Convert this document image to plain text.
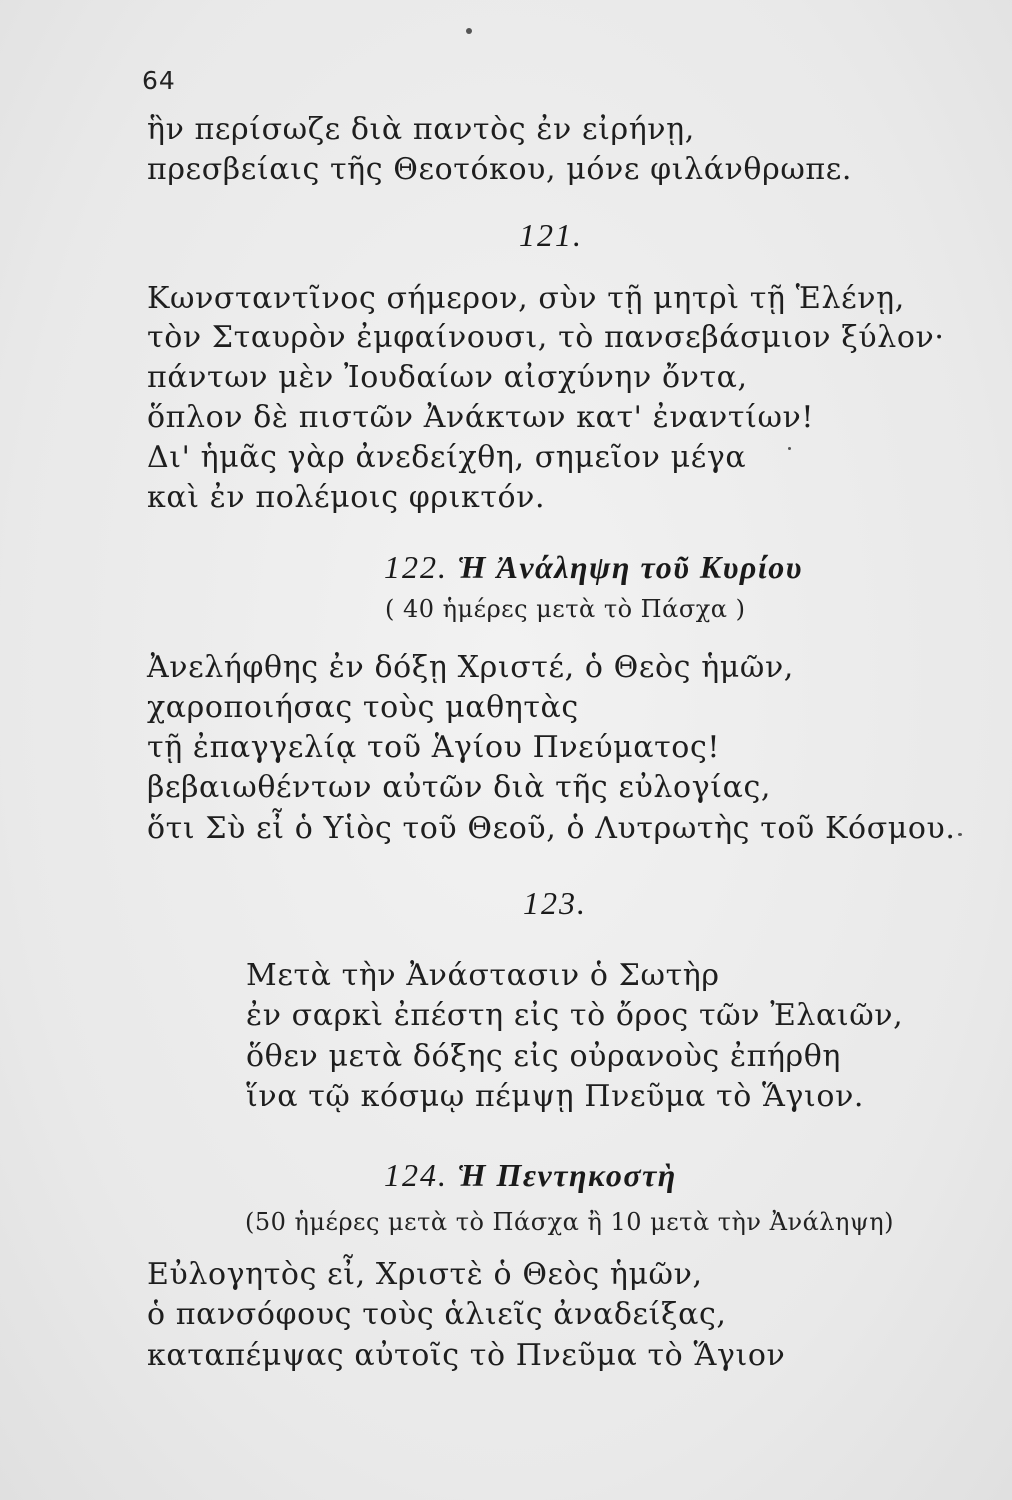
64
ἣν περίσωζε διὰ παντὸς ἐν εἰρήνῃ,
πρεσβείαις τῆς Θεοτόκου, μόνε φιλάνθρωπε.
121.
Κωνσταντῖνος σήμερον, σὺν τῇ μητρὶ τῇ Ἑλένῃ,
τὸν Σταυρὸν ἐμφαίνουσι, τὸ πανσεβάσμιον ξύλον·
πάντων μὲν Ἰουδαίων αἰσχύνην ὄντα,
ὅπλον δὲ πιστῶν Ἀνάκτων κατ' ἐναντίων!
Δι' ἡμᾶς γὰρ ἀνεδείχθη, σημεῖον μέγα
καὶ ἐν πολέμοις φρικτόν.
122. Ἡ Ἀνάληψη τοῦ Κυρίου
( 40 ἡμέρες μετὰ τὸ Πάσχα )
Ἀνελήφθης ἐν δόξῃ Χριστέ, ὁ Θεὸς ἡμῶν,
χαροποιήσας τοὺς μαθητὰς
τῇ ἐπαγγελίᾳ τοῦ Ἁγίου Πνεύματος!
βεβαιωθέντων αὐτῶν διὰ τῆς εὐλογίας,
ὅτι Σὺ εἶ ὁ Υἱὸς τοῦ Θεοῦ, ὁ Λυτρωτὴς τοῦ Κόσμου.
123.
Μετὰ τὴν Ἀνάστασιν ὁ Σωτὴρ
ἐν σαρκὶ ἐπέστη εἰς τὸ ὄρος τῶν Ἐλαιῶν,
ὅθεν μετὰ δόξης εἰς οὐρανοὺς ἐπήρθη
ἵνα τῷ κόσμῳ πέμψῃ Πνεῦμα τὸ Ἅγιον.
124. Ἡ Πεντηκοστὴ
(50 ἡμέρες μετὰ τὸ Πάσχα ἢ 10 μετὰ τὴν Ἀνάληψη)
Εὐλογητὸς εἶ, Χριστὲ ὁ Θεὸς ἡμῶν,
ὁ πανσόφους τοὺς ἁλιεῖς ἀναδείξας,
καταπέμψας αὐτοῖς τὸ Πνεῦμα τὸ Ἅγιον
